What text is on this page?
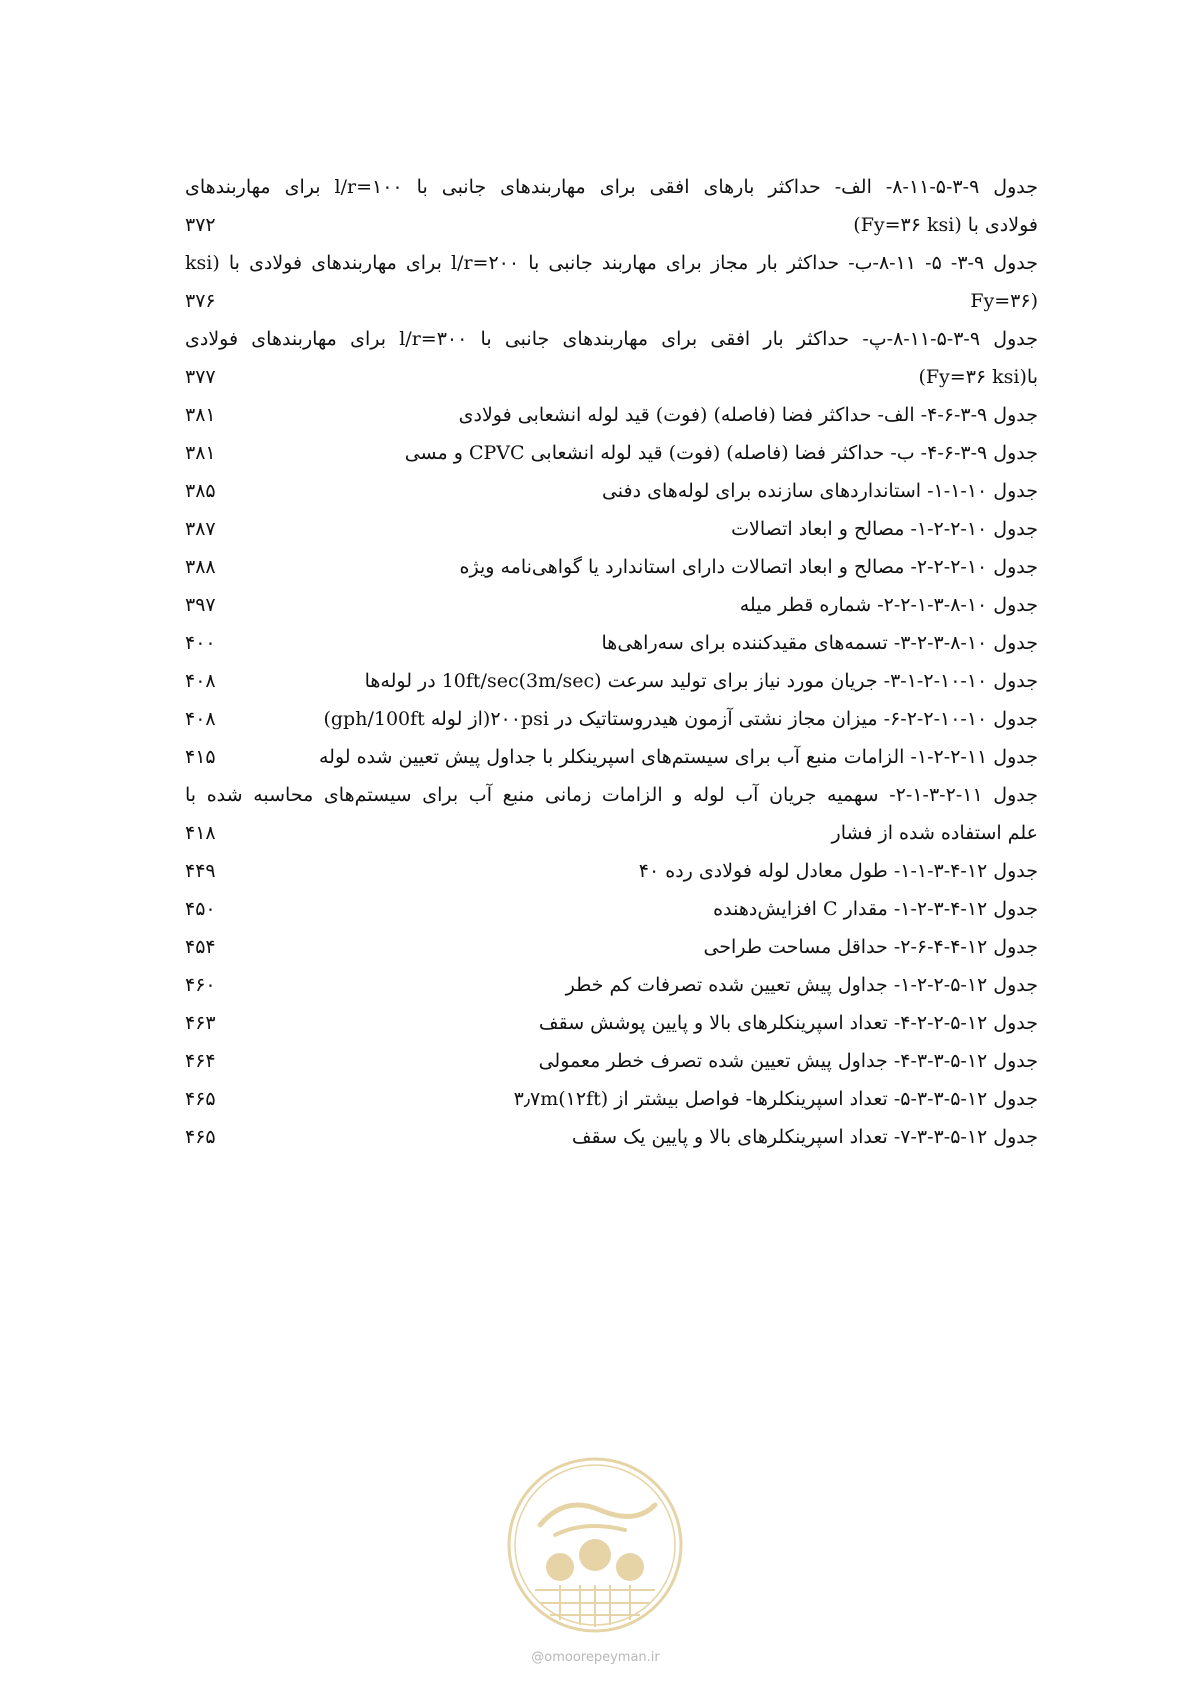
جدول ۹-۳-۵-۱۱-۸- الف- حداکثر بارهای افقی برای مهاربندهای جانبی با l/r=۱۰۰ برای مهاربندهای
فولادی با (Fy=۳۶ ksi)
۳۷۲
جدول ۹-۳- ۵- ۱۱-۸-ب- حداکثر بار مجاز برای مهاربند جانبی با l/r=۲۰۰ برای مهاربندهای فولادی با (ksi
(Fy=۳۶
۳۷۶
جدول ۹-۳-۵-۱۱-۸-پ- حداکثر بار افقی برای مهاربندهای جانبی با l/r=۳۰۰ برای مهاربندهای فولادی
با(Fy=۳۶ ksi)
۳۷۷
جدول ۹-۳-۶-۴- الف- حداکثر فضا (فاصله) (فوت) قید لوله انشعابی فولادی
۳۸۱
جدول ۹-۳-۶-۴- ب- حداکثر فضا (فاصله) (فوت) قید لوله انشعابی CPVC و مسی
۳۸۱
جدول ۱۰-۱-۱- استانداردهای سازنده برای لوله‌های دفنی
۳۸۵
جدول ۱۰-۲-۲-۱- مصالح و ابعاد اتصالات
۳۸۷
جدول ۱۰-۲-۲-۲- مصالح و ابعاد اتصالات دارای استاندارد یا گواهی‌نامه ویژه
۳۸۸
جدول ۱۰-۸-۳-۱-۲-۲- شماره قطر میله
۳۹۷
جدول ۱۰-۸-۳-۲-۳- تسمه‌های مقیدکننده برای سه‌راهی‌ها
۴۰۰
جدول ۱۰-۱۰-۲-۱-۳- جریان مورد نیاز برای تولید سرعت 10ft/sec(3m/sec) در لوله‌ها
۴۰۸
جدول ۱۰-۱۰-۲-۲-۶- میزان مجاز نشتی آزمون هیدروستاتیک در ۲۰۰psi(از لوله gph/100ft)
۴۰۸
جدول ۱۱-۲-۲-۱- الزامات منبع آب برای سیستم‌های اسپرینکلر با جداول پیش تعیین شده لوله
۴۱۵
جدول ۱۱-۲-۳-۱-۲- سهمیه جریان آب لوله و الزامات زمانی منبع آب برای سیستم‌های محاسبه شده با
علم استفاده شده از فشار
۴۱۸
جدول ۱۲-۴-۳-۱-۱- طول معادل لوله فولادی رده ۴۰
۴۴۹
جدول ۱۲-۴-۳-۲-۱- مقدار C افزایش‌دهنده
۴۵۰
جدول ۱۲-۴-۴-۶-۲- حداقل مساحت طراحی
۴۵۴
جدول ۱۲-۵-۲-۲-۱- جداول پیش تعیین شده تصرفات کم خطر
۴۶۰
جدول ۱۲-۵-۲-۲-۴- تعداد اسپرینکلرهای بالا و پایین پوشش سقف
۴۶۳
جدول ۱۲-۵-۳-۳-۴- جداول پیش تعیین شده تصرف خطر معمولی
۴۶۴
جدول ۱۲-۵-۳-۳-۵- تعداد اسپرینکلرها- فواصل بیشتر از ۳٫۷m(۱۲ft)
۴۶۵
جدول ۱۲-۵-۳-۳-۷- تعداد اسپرینکلرهای بالا و پایین یک سقف
۴۶۵
@omoorepeyman.ir
